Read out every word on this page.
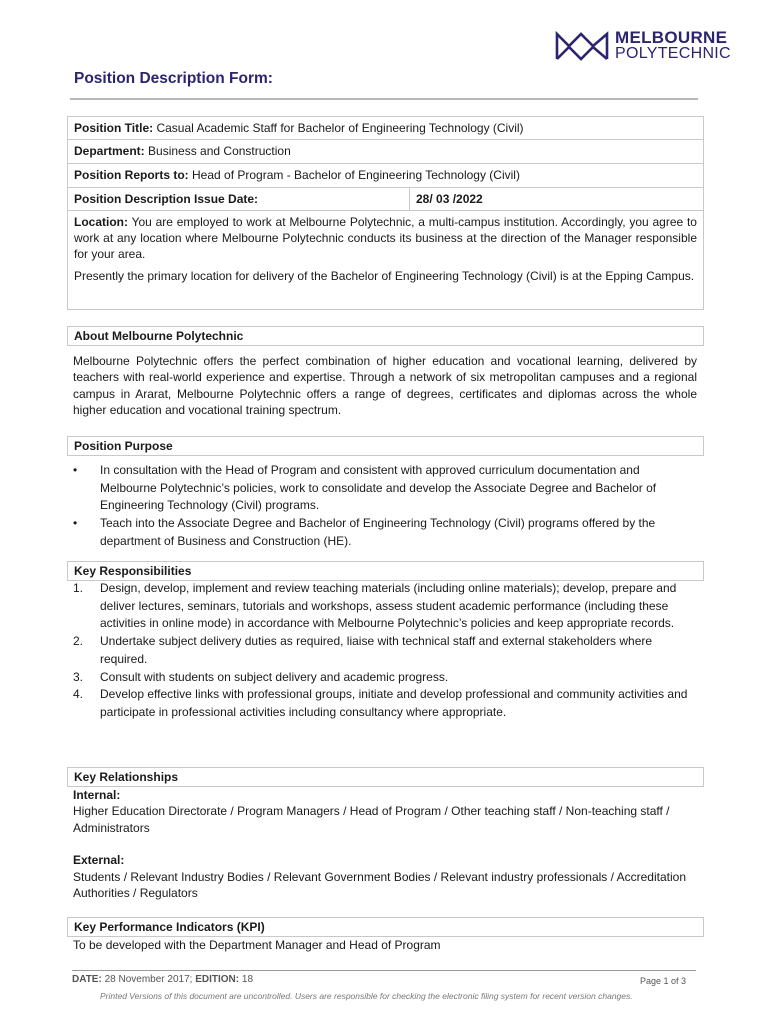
MELBOURNE
POLYTECHNIC
Position Description Form:
Position Title: Casual Academic Staff for Bachelor of Engineering Technology (Civil)
Department: Business and Construction
Position Reports to: Head of Program - Bachelor of Engineering Technology (Civil)
Position Description Issue Date:	28/ 03 /2022
Location: You are employed to work at Melbourne Polytechnic, a multi-campus institution. Accordingly, you agree to work at any location where Melbourne Polytechnic conducts its business at the direction of the Manager responsible for your area.
Presently the primary location for delivery of the Bachelor of Engineering Technology (Civil) is at the Epping Campus.
About Melbourne Polytechnic
Melbourne Polytechnic offers the perfect combination of higher education and vocational learning, delivered by teachers with real-world experience and expertise. Through a network of six metropolitan campuses and a regional campus in Ararat, Melbourne Polytechnic offers a range of degrees, certificates and diplomas across the whole higher education and vocational training spectrum.
Position Purpose
• In consultation with the Head of Program and consistent with approved curriculum documentation and Melbourne Polytechnic’s policies, work to consolidate and develop the Associate Degree and Bachelor of Engineering Technology (Civil) programs.
• Teach into the Associate Degree and Bachelor of Engineering Technology (Civil) programs offered by the department of Business and Construction (HE).
Key Responsibilities
1. Design, develop, implement and review teaching materials (including online materials); develop, prepare and deliver lectures, seminars, tutorials and workshops, assess student academic performance (including these activities in online mode) in accordance with Melbourne Polytechnic’s policies and keep appropriate records.
2. Undertake subject delivery duties as required, liaise with technical staff and external stakeholders where required.
3. Consult with students on subject delivery and academic progress.
4. Develop effective links with professional groups, initiate and develop professional and community activities and participate in professional activities including consultancy where appropriate.
Key Relationships
Internal:
Higher Education Directorate / Program Managers / Head of Program / Other teaching staff / Non-teaching staff / Administrators
External:
Students / Relevant Industry Bodies / Relevant Government Bodies / Relevant industry professionals / Accreditation Authorities / Regulators
Key Performance Indicators (KPI)
To be developed with the Department Manager and Head of Program
DATE: 28 November 2017; EDITION: 18	Page 1 of 3
Printed Versions of this document are uncontrolled. Users are responsible for checking the electronic filing system for recent version changes.
